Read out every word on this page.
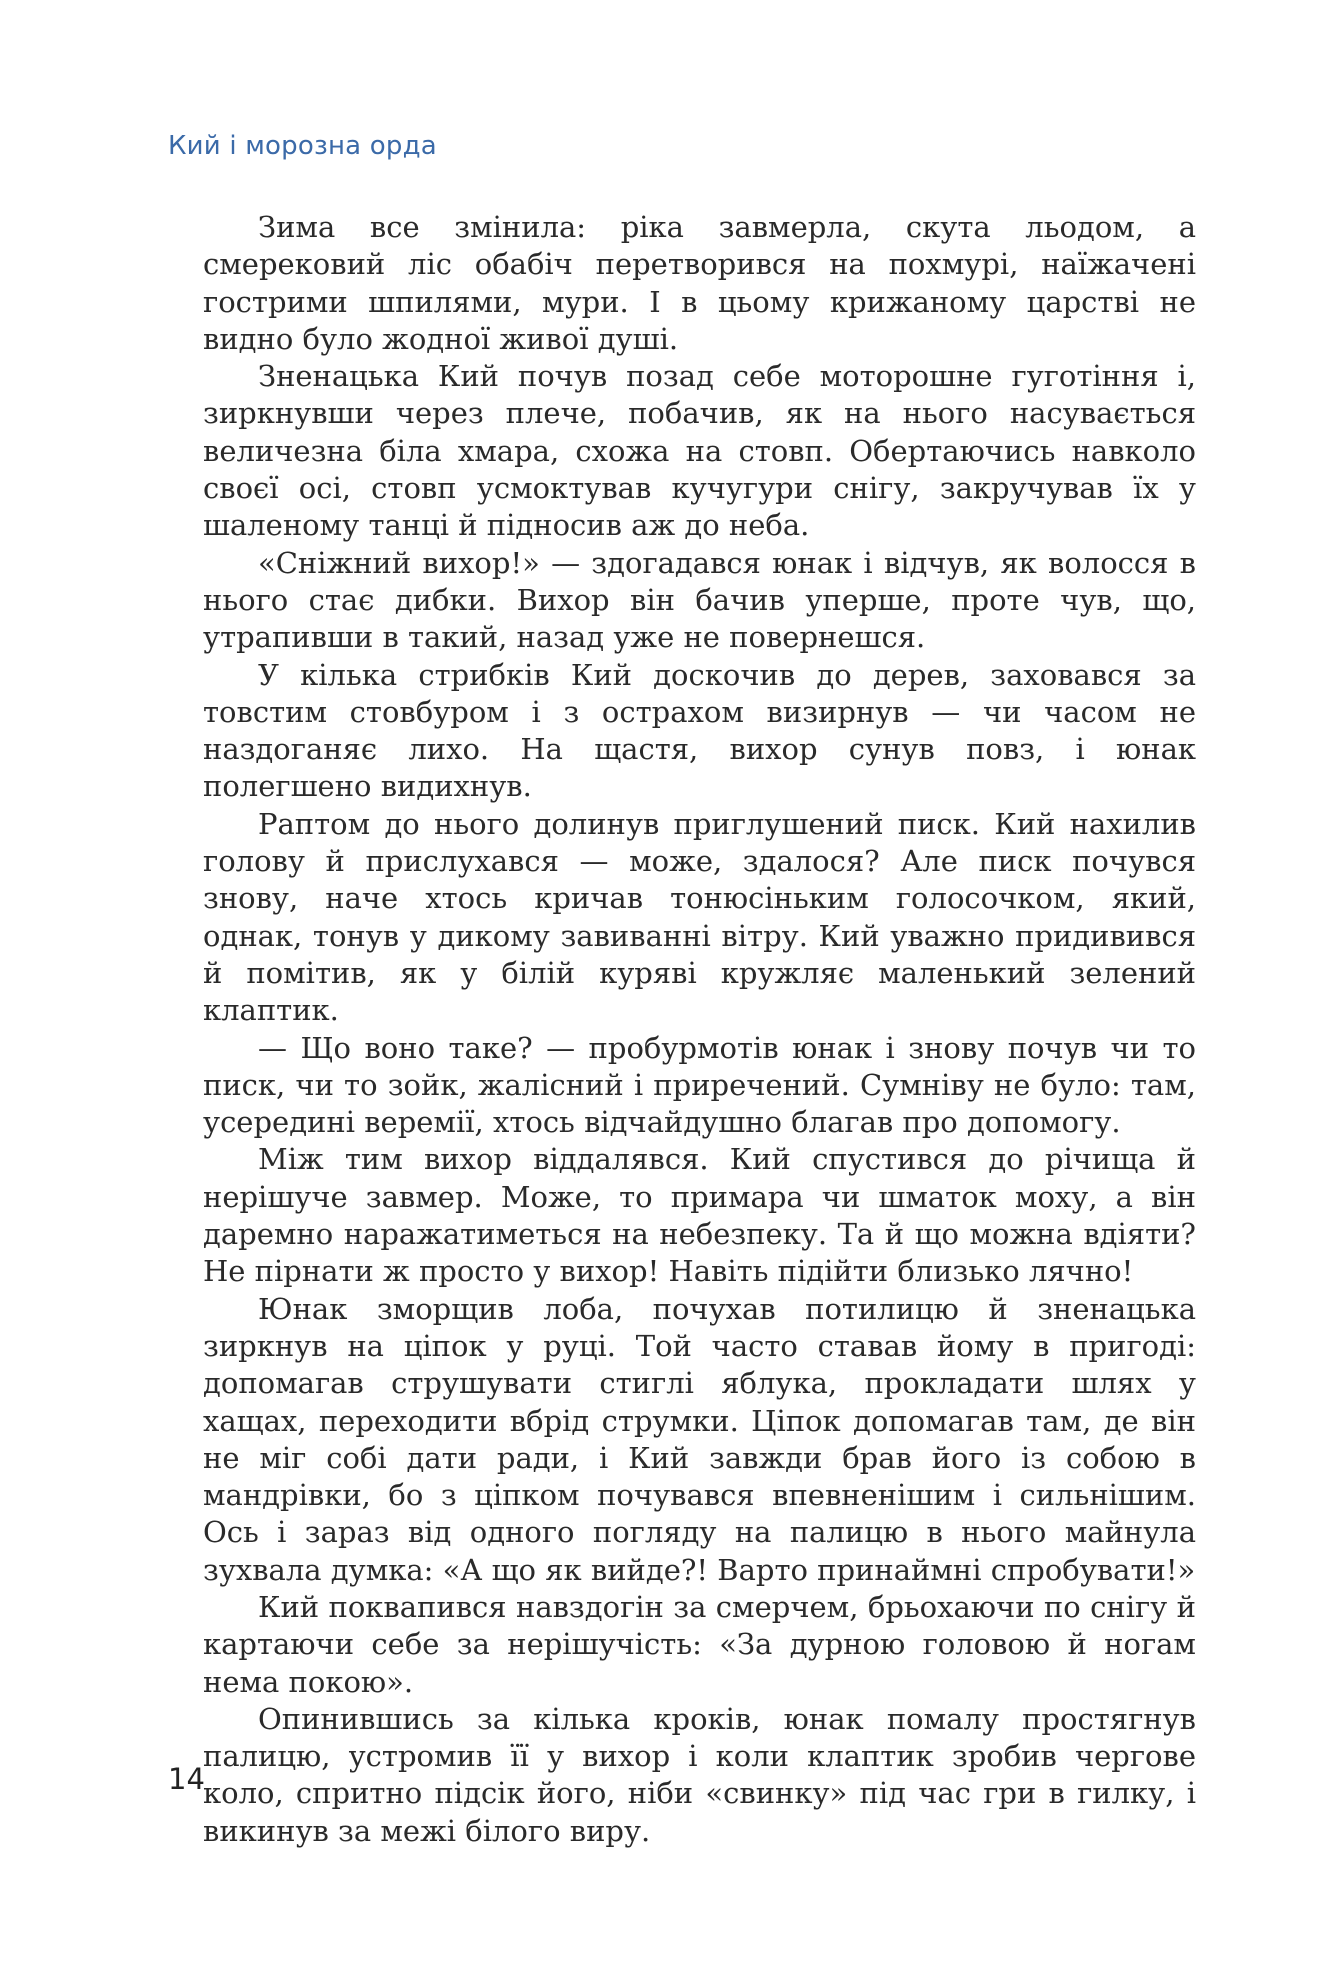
Кий і морозна орда

Зима все змінила: ріка завмерла, скута льодом, а смерековий ліс обабіч перетворився на похмурі, наїжачені гострими шпилями, мури. І в цьому крижаному царстві не видно було жодної живої душі.

Зненацька Кий почув позад себе моторошне гуготіння і, зиркнувши через плече, побачив, як на нього насувається величезна біла хмара, схожа на стовп. Обертаючись навколо своєї осі, стовп усмоктував кучугури снігу, закручував їх у шаленому танці й підносив аж до неба.

«Сніжний вихор!» — здогадався юнак і відчув, як волосся в нього стає дибки. Вихор він бачив уперше, проте чув, що, утрапивши в такий, назад уже не повернешся.

У кілька стрибків Кий доскочив до дерев, заховався за товстим стовбуром і з острахом визирнув — чи часом не наздоганяє лихо. На щастя, вихор сунув повз, і юнак полегшено видихнув.

Раптом до нього долинув приглушений писк. Кий нахилив голову й прислухався — може, здалося? Але писк почувся знову, наче хтось кричав тонюсіньким голосочком, який, однак, тонув у дикому завиванні вітру. Кий уважно придивився й помітив, як у білій куряві кружляє маленький зелений клаптик.

— Що воно таке? — пробурмотів юнак і знову почув чи то писк, чи то зойк, жалісний і приречений. Сумніву не було: там, усередині веремії, хтось відчайдушно благав про допомогу.

Між тим вихор віддалявся. Кий спустився до річища й нерішуче завмер. Може, то примара чи шматок моху, а він даремно наражатиметься на небезпеку. Та й що можна вдіяти? Не пірнати ж просто у вихор! Навіть підійти близько лячно!

Юнак зморщив лоба, почухав потилицю й зненацька зиркнув на ціпок у руці. Той часто ставав йому в пригоді: допомагав струшувати стиглі яблука, прокладати шлях у хащах, переходити вбрід струмки. Ціпок допомагав там, де він не міг собі дати ради, і Кий завжди брав його із собою в мандрівки, бо з ціпком почувався впевненішим і сильнішим. Ось і зараз від одного погляду на палицю в нього майнула зухвала думка: «А що як вийде?! Варто принаймні спробувати!»

Кий поквапився навздогін за смерчем, брьохаючи по снігу й картаючи себе за нерішучість: «За дурною головою й ногам нема покою».

Опинившись за кілька кроків, юнак помалу простягнув палицю, устромив її у вихор і коли клаптик зробив чергове коло, спритно підсік його, ніби «свинку» під час гри в гилку, і викинув за межі білого виру.

14
